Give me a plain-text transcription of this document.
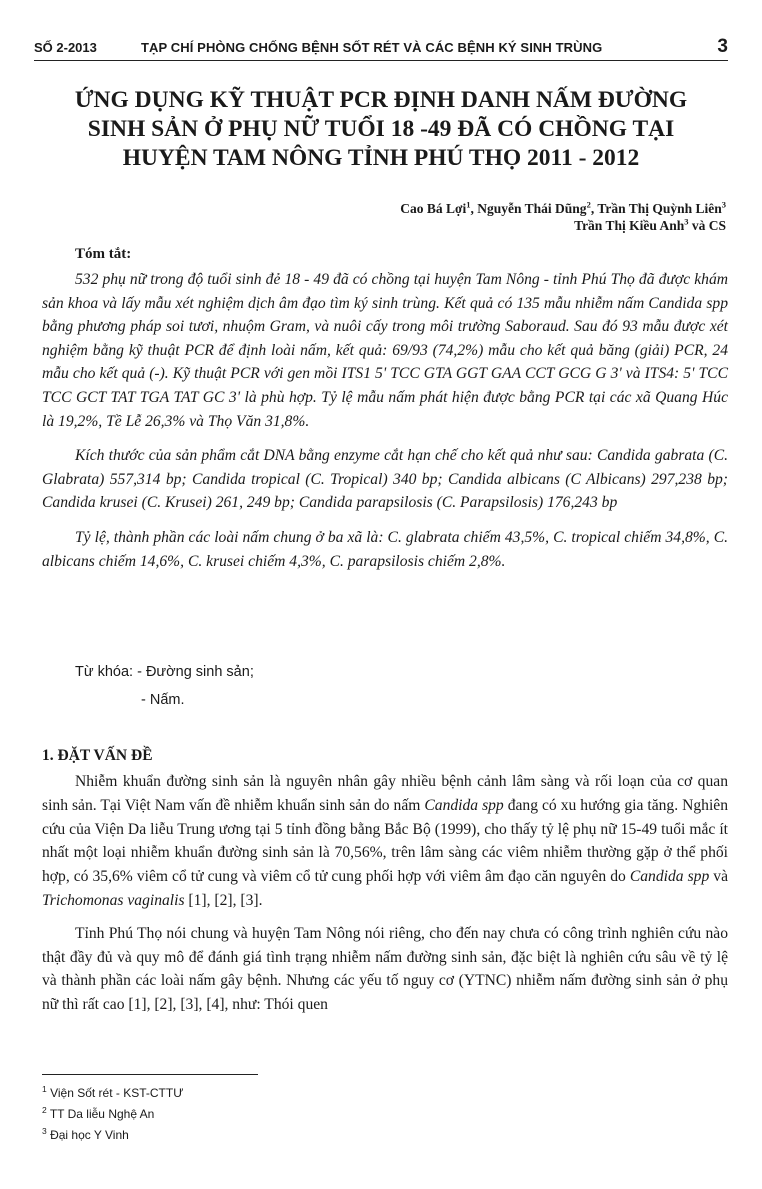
SỐ 2-2013	TẠP CHÍ PHÒNG CHỐNG BỆNH SỐT RÉT VÀ CÁC BỆNH KÝ SINH TRÙNG	3
ỨNG DỤNG KỸ THUẬT PCR ĐỊNH DANH NẤM ĐƯỜNG
SINH SẢN Ở PHỤ NỮ TUỔI 18 -49 ĐÃ CÓ CHỒNG TẠI
HUYỆN TAM NÔNG TỈNH PHÚ THỌ 2011 - 2012
Cao Bá Lợi$^1$, Nguyễn Thái Dũng$^2$, Trần Thị Quỳnh Liên$^3$
Trần Thị Kiều Anh$^3$ và CS
Tóm tắt:

532 phụ nữ trong độ tuổi sinh đẻ 18 - 49 đã có chồng tại huyện Tam Nông - tỉnh Phú Thọ đã được khám sản khoa và lấy mẫu xét nghiệm dịch âm đạo tìm ký sinh trùng. Kết quả có 135 mẫu nhiễm nấm Candida spp bằng phương pháp soi tươi, nhuộm Gram, và nuôi cấy trong môi trường Saboraud. Sau đó 93 mẫu được xét nghiệm bằng kỹ thuật PCR để định loài nấm, kết quả: 69/93 (74,2%) mẫu cho kết quả băng (giải) PCR, 24 mẫu cho kết quả (-). Kỹ thuật PCR với gen mồi ITS1 5' TCC GTA GGT GAA CCT GCG G 3' và ITS4: 5' TCC TCC GCT TAT TGA TAT GC 3' là phù hợp. Tỷ lệ mẫu nấm phát hiện được bằng PCR tại các xã Quang Húc là 19,2%, Tề Lễ 26,3% và Thọ Văn 31,8%.

Kích thước của sản phẩm cắt DNA bằng enzyme cắt hạn chế cho kết quả như sau: Candida gabrata (C. Glabrata) 557,314 bp; Candida tropical (C. Tropical) 340 bp; Candida albicans (C Albicans) 297,238 bp; Candida krusei (C. Krusei) 261, 249 bp; Candida parapsilosis (C. Parapsilosis) 176,243 bp

Tỷ lệ, thành phần các loài nấm chung ở ba xã là: C. glabrata chiếm 43,5%, C. tropical chiếm 34,8%, C. albicans chiếm 14,6%, C. krusei chiếm 4,3%, C. parapsilosis chiếm 2,8%.

Từ khóa: - Đường sinh sản;
- Nấm.
1. ĐẶT VẤN ĐỀ

Nhiễm khuẩn đường sinh sản là nguyên nhân gây nhiều bệnh cảnh lâm sàng và rối loạn của cơ quan sinh sản. Tại Việt Nam vấn đề nhiễm khuẩn sinh sản do nấm Candida spp đang có xu hướng gia tăng. Nghiên cứu của Viện Da liễu Trung ương tại 5 tỉnh đồng bằng Bắc Bộ (1999), cho thấy tỷ lệ phụ nữ 15-49 tuổi mắc ít nhất một loại nhiễm khuẩn đường sinh sản là 70,56%, trên lâm sàng các viêm nhiễm thường gặp ở thể phối hợp, có 35,6% viêm cổ tử cung và viêm cổ tử cung phối hợp với viêm âm đạo căn nguyên do Candida spp và Trichomonas vaginalis [1], [2], [3].

Tỉnh Phú Thọ nói chung và huyện Tam Nông nói riêng, cho đến nay chưa có công trình nghiên cứu nào thật đầy đủ và quy mô để đánh giá tình trạng nhiễm nấm đường sinh sản, đặc biệt là nghiên cứu sâu về tỷ lệ và thành phần các loài nấm gây bệnh. Nhưng các yếu tố nguy cơ (YTNC) nhiễm nấm đường sinh sản ở phụ nữ thì rất cao [1], [2], [3], [4], như: Thói quen

$^1$ Viện Sốt rét - KST-CTTƯ
$^2$ TT Da liễu Nghệ An
$^3$ Đại học Y Vinh
